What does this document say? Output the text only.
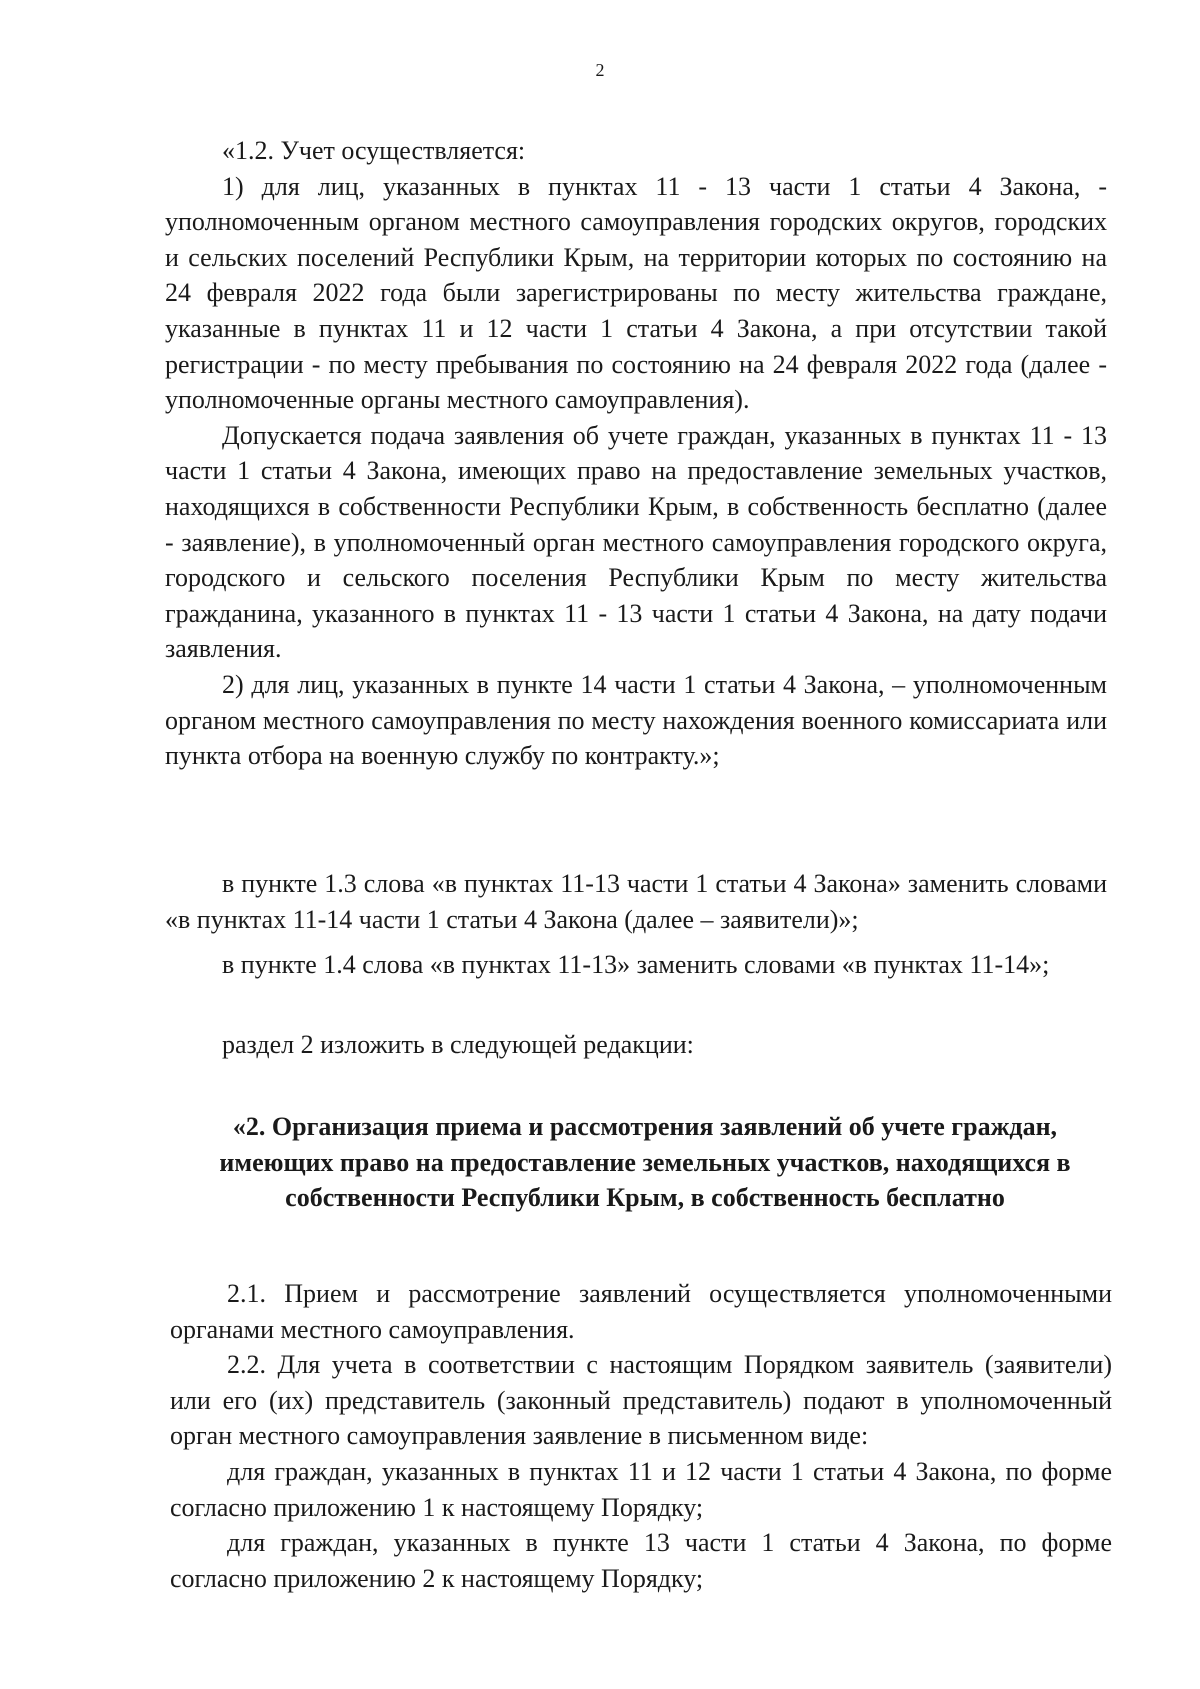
2

«1.2. Учет осуществляется:

1) для лиц, указанных в пунктах 11 - 13 части 1 статьи 4 Закона, - уполномоченным органом местного самоуправления городских округов, городских и сельских поселений Республики Крым, на территории которых по состоянию на 24 февраля 2022 года были зарегистрированы по месту жительства граждане, указанные в пунктах 11 и 12 части 1 статьи 4 Закона, а при отсутствии такой регистрации - по месту пребывания по состоянию на 24 февраля 2022 года (далее - уполномоченные органы местного самоуправления).

Допускается подача заявления об учете граждан, указанных в пунктах 11 - 13 части 1 статьи 4 Закона, имеющих право на предоставление земельных участков, находящихся в собственности Республики Крым, в собственность бесплатно (далее - заявление), в уполномоченный орган местного самоуправления городского округа, городского и сельского поселения Республики Крым по месту жительства гражданина, указанного в пунктах 11 - 13 части 1 статьи 4 Закона, на дату подачи заявления.

2) для лиц, указанных в пункте 14 части 1 статьи 4 Закона, – уполномоченным органом местного самоуправления по месту нахождения военного комиссариата или пункта отбора на военную службу по контракту.»;

в пункте 1.3 слова «в пунктах 11-13 части 1 статьи 4 Закона» заменить словами «в пунктах 11-14 части 1 статьи 4 Закона (далее – заявители)»;

в пункте 1.4 слова «в пунктах 11-13» заменить словами «в пунктах 11-14»;

раздел 2 изложить в следующей редакции:

«2. Организация приема и рассмотрения заявлений об учете граждан, имеющих право на предоставление земельных участков, находящихся в собственности Республики Крым, в собственность бесплатно

2.1. Прием и рассмотрение заявлений осуществляется уполномоченными органами местного самоуправления.

2.2. Для учета в соответствии с настоящим Порядком заявитель (заявители) или его (их) представитель (законный представитель) подают в уполномоченный орган местного самоуправления заявление в письменном виде:

для граждан, указанных в пунктах 11 и 12 части 1 статьи 4 Закона, по форме согласно приложению 1 к настоящему Порядку;

для граждан, указанных в пункте 13 части 1 статьи 4 Закона, по форме согласно приложению 2 к настоящему Порядку;
